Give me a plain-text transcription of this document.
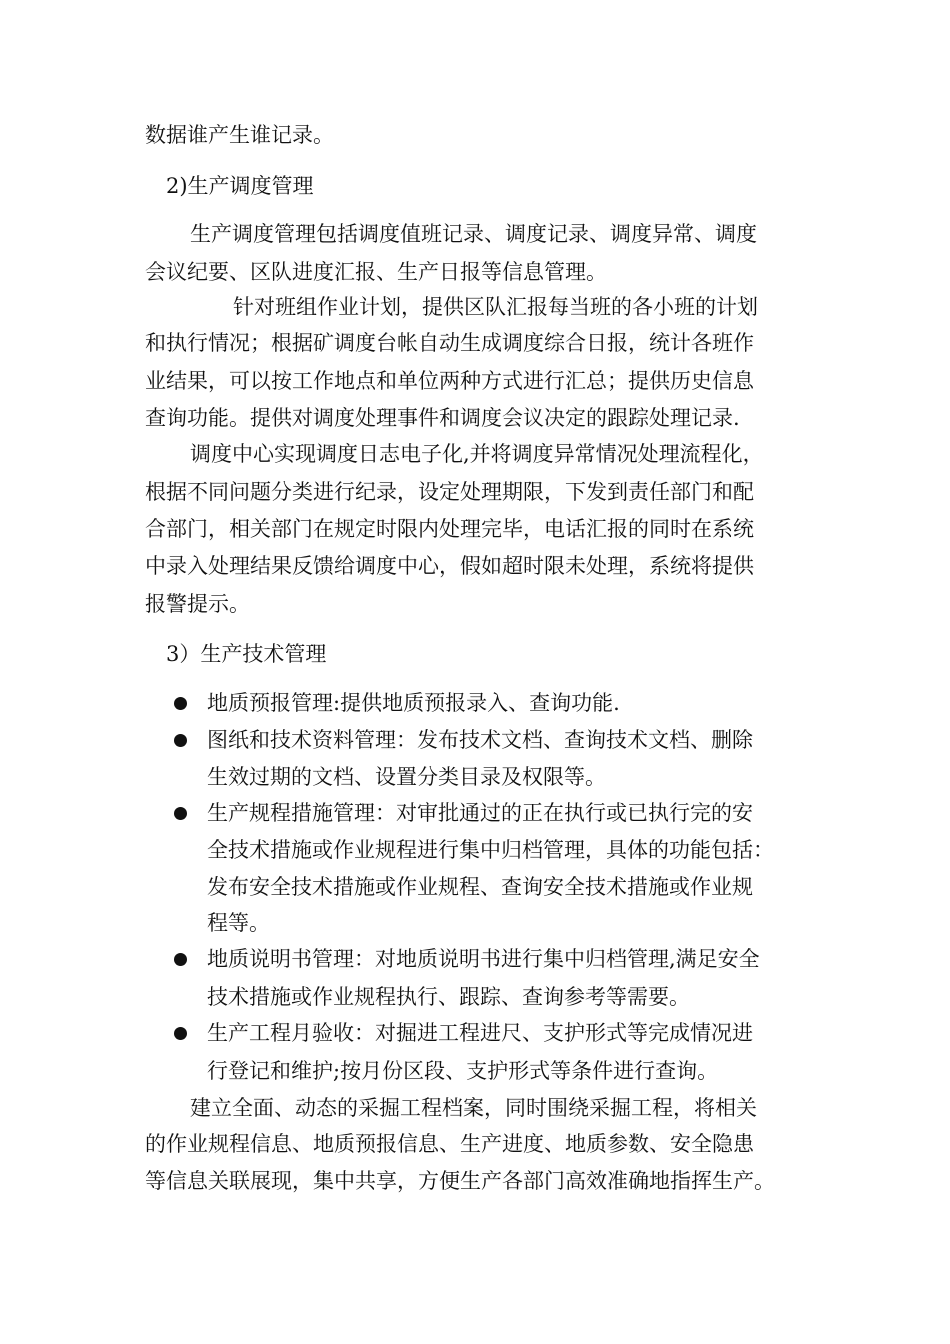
数据谁产生谁记录。
2)生产调度管理
生产调度管理包括调度值班记录、调度记录、调度异常、调度
会议纪要、区队进度汇报、生产日报等信息管理。
针对班组作业计划，提供区队汇报每当班的各小班的计划
和执行情况；根据矿调度台帐自动生成调度综合日报，统计各班作
业结果，可以按工作地点和单位两种方式进行汇总；提供历史信息
查询功能。提供对调度处理事件和调度会议决定的跟踪处理记录.
调度中心实现调度日志电子化,并将调度异常情况处理流程化，
根据不同问题分类进行纪录，设定处理期限，下发到责任部门和配
合部门，相关部门在规定时限内处理完毕，电话汇报的同时在系统
中录入处理结果反馈给调度中心，假如超时限未处理，系统将提供
报警提示。
3）生产技术管理
地质预报管理:提供地质预报录入、查询功能.
图纸和技术资料管理：发布技术文档、查询技术文档、删除
生效过期的文档、设置分类目录及权限等。
生产规程措施管理：对审批通过的正在执行或已执行完的安
全技术措施或作业规程进行集中归档管理，具体的功能包括：
发布安全技术措施或作业规程、查询安全技术措施或作业规
程等。
地质说明书管理：对地质说明书进行集中归档管理,满足安全
技术措施或作业规程执行、跟踪、查询参考等需要。
生产工程月验收：对掘进工程进尺、支护形式等完成情况进
行登记和维护;按月份区段、支护形式等条件进行查询。
建立全面、动态的采掘工程档案，同时围绕采掘工程，将相关
的作业规程信息、地质预报信息、生产进度、地质参数、安全隐患
等信息关联展现，集中共享，方便生产各部门高效准确地指挥生产。
